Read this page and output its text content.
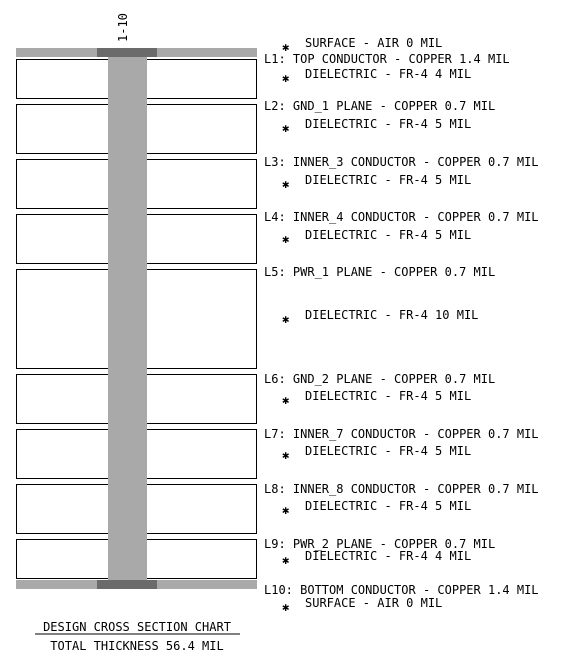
✱ SURFACE - AIR 0 MIL
L1: TOP CONDUCTOR - COPPER 1.4 MIL
✱ DIELECTRIC - FR-4 4 MIL
L2: GND_1 PLANE - COPPER 0.7 MIL
✱ DIELECTRIC - FR-4 5 MIL
L3: INNER_3 CONDUCTOR - COPPER 0.7 MIL
✱ DIELECTRIC - FR-4 5 MIL
L4: INNER_4 CONDUCTOR - COPPER 0.7 MIL
✱ DIELECTRIC - FR-4 5 MIL
L5: PWR_1 PLANE - COPPER 0.7 MIL
✱ DIELECTRIC - FR-4 10 MIL
L6: GND_2 PLANE - COPPER 0.7 MIL
✱ DIELECTRIC - FR-4 5 MIL
L7: INNER_7 CONDUCTOR - COPPER 0.7 MIL
✱ DIELECTRIC - FR-4 5 MIL
L8: INNER_8 CONDUCTOR - COPPER 0.7 MIL
✱ DIELECTRIC - FR-4 5 MIL
L9: PWR_2 PLANE - COPPER 0.7 MIL
✱ DIELECTRIC - FR-4 4 MIL
L10: BOTTOM CONDUCTOR - COPPER 1.4 MIL
✱ SURFACE - AIR 0 MIL
1-10
DESIGN CROSS SECTION CHART
TOTAL THICKNESS 56.4 MIL
